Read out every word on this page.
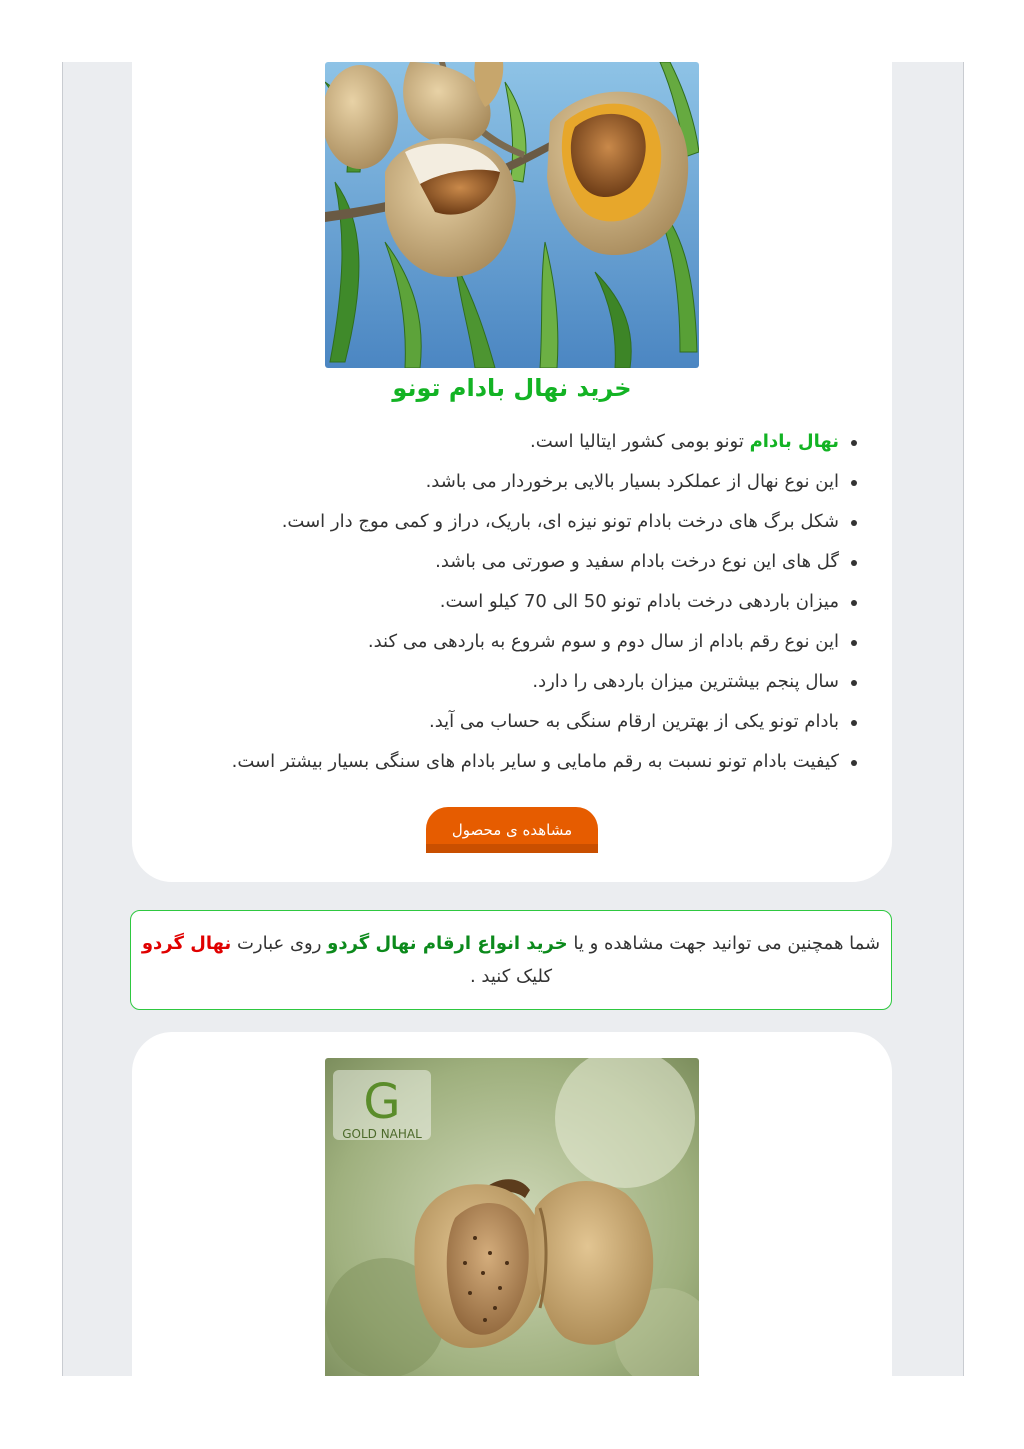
خرید نهال بادام تونو
نهال بادام تونو بومی کشور ایتالیا است.
این نوع نهال از عملکرد بسیار بالایی برخوردار می باشد.
شکل برگ های درخت بادام تونو نیزه ای، باریک، دراز و کمی موج دار است.
گل های این نوع درخت بادام سفید و صورتی می باشد.
میزان باردهی درخت بادام تونو 50 الی 70 کیلو است.
این نوع رقم بادام از سال دوم و سوم شروع به باردهی می کند.
سال پنجم بیشترین میزان باردهی را دارد.
بادام تونو یکی از بهترین ارقام سنگی به حساب می آید.
کیفیت بادام تونو نسبت به رقم مامایی و سایر بادام های سنگی بسیار بیشتر است.
مشاهده ی محصول
شما همچنین می توانید جهت مشاهده و یا خرید انواع ارقام نهال گردو روی عبارت نهال گردو کلیک کنید .
G
GOLD NAHAL
